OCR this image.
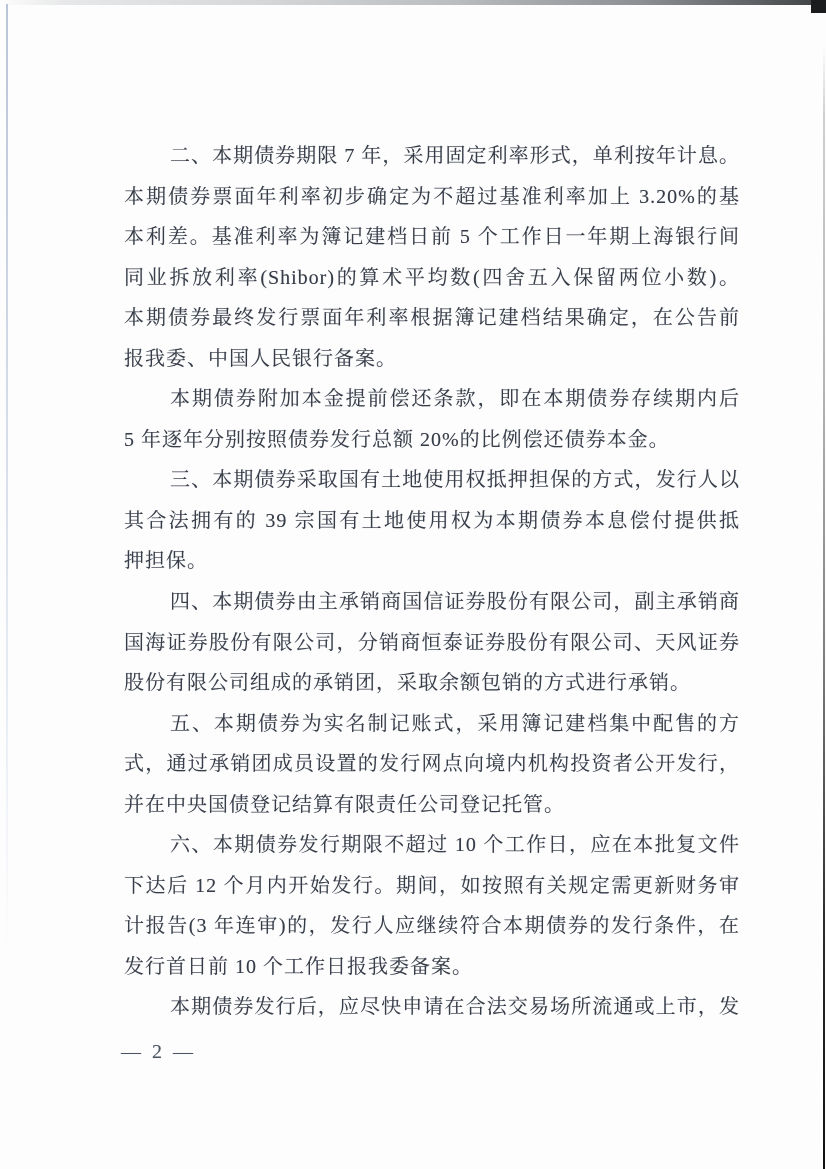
二、本期债券期限 7 年，采用固定利率形式，单利按年计息。
本期债券票面年利率初步确定为不超过基准利率加上 3.20%的基
本利差。基准利率为簿记建档日前 5 个工作日一年期上海银行间
同业拆放利率(Shibor)的算术平均数(四舍五入保留两位小数)。
本期债券最终发行票面年利率根据簿记建档结果确定，在公告前
报我委、中国人民银行备案。
本期债券附加本金提前偿还条款，即在本期债券存续期内后
5 年逐年分别按照债券发行总额 20%的比例偿还债券本金。
三、本期债券采取国有土地使用权抵押担保的方式，发行人以
其合法拥有的 39 宗国有土地使用权为本期债券本息偿付提供抵
押担保。
四、本期债券由主承销商国信证券股份有限公司，副主承销商
国海证券股份有限公司，分销商恒泰证券股份有限公司、天风证券
股份有限公司组成的承销团，采取余额包销的方式进行承销。
五、本期债券为实名制记账式，采用簿记建档集中配售的方
式，通过承销团成员设置的发行网点向境内机构投资者公开发行，
并在中央国债登记结算有限责任公司登记托管。
六、本期债券发行期限不超过 10 个工作日，应在本批复文件
下达后 12 个月内开始发行。期间，如按照有关规定需更新财务审
计报告(3 年连审)的，发行人应继续符合本期债券的发行条件，在
发行首日前 10 个工作日报我委备案。
本期债券发行后，应尽快申请在合法交易场所流通或上市，发
— 2 —
